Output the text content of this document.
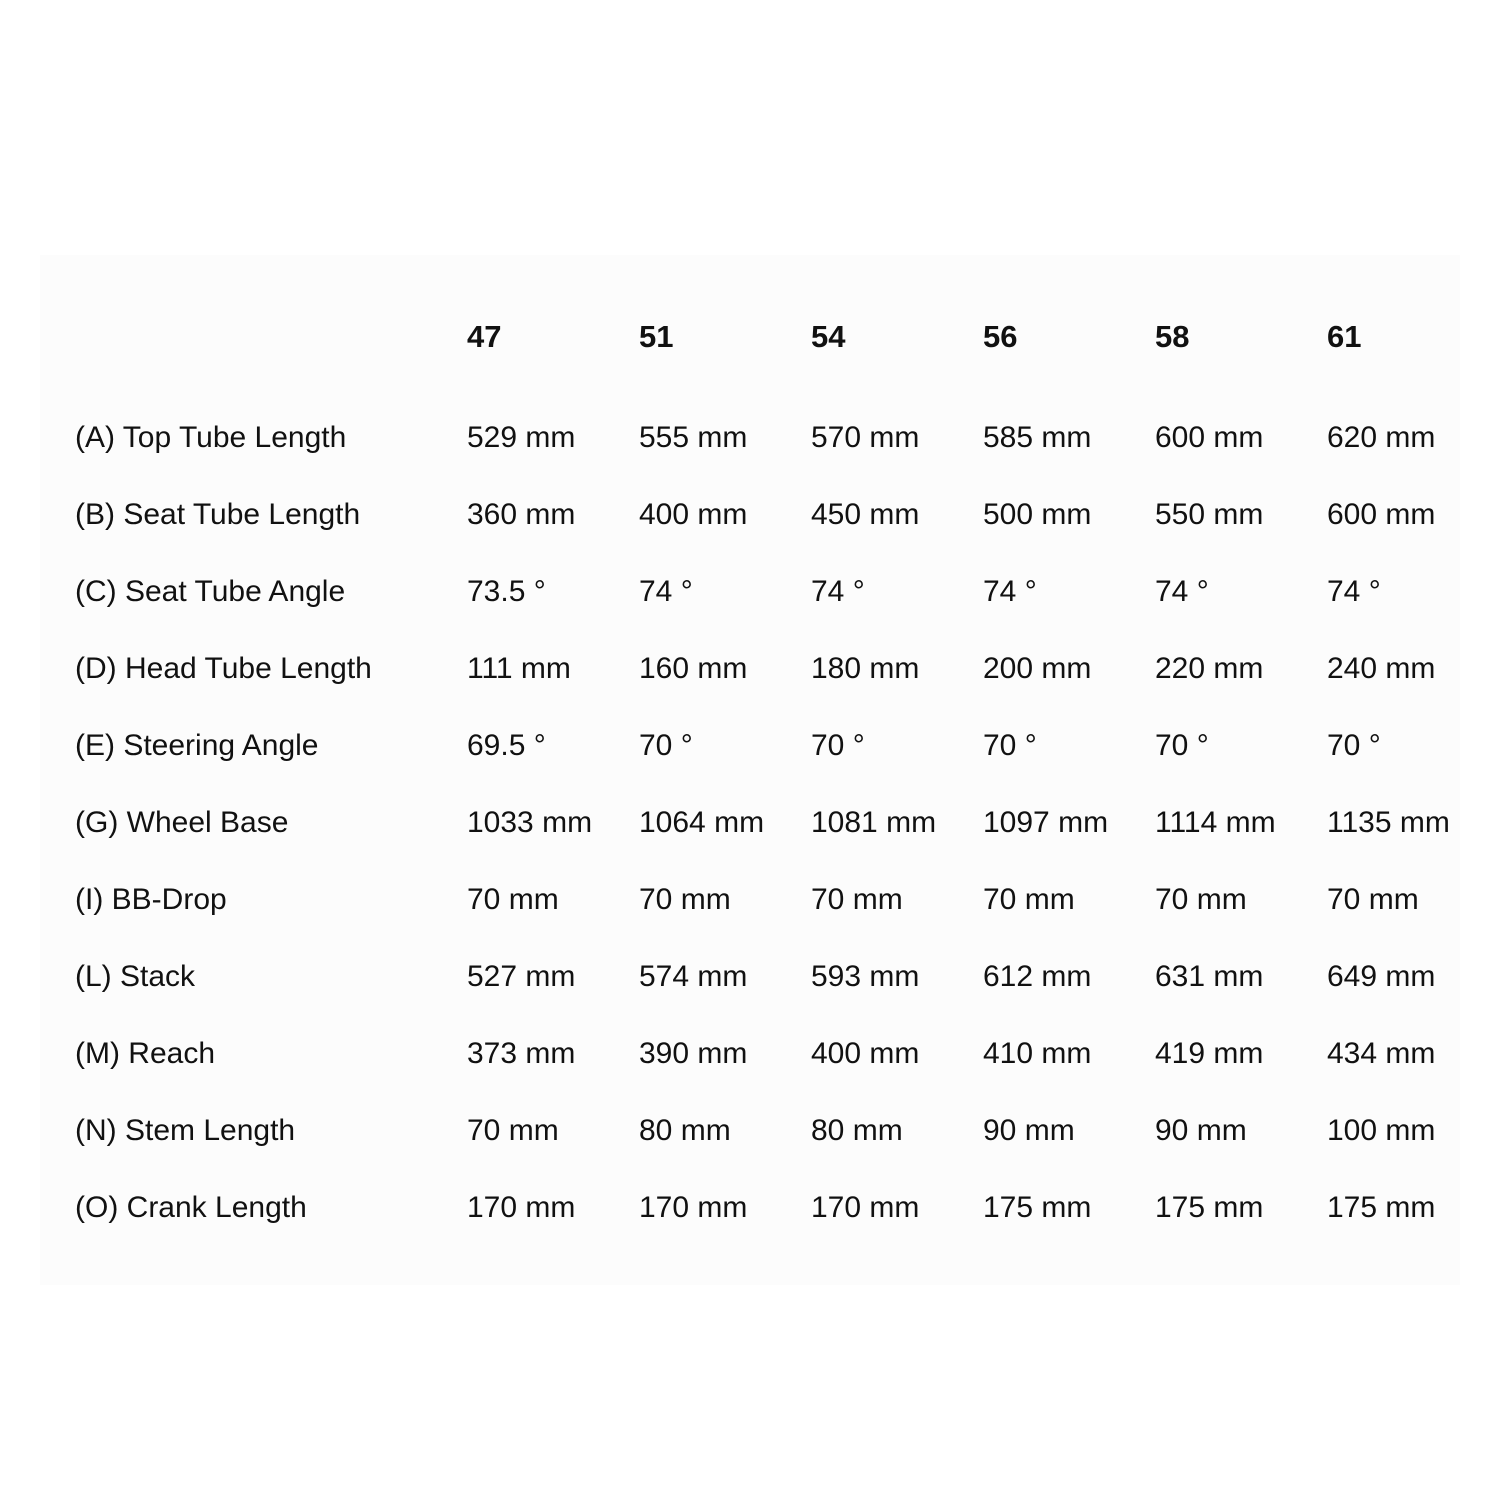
	47	51	54	56	58	61
(A) Top Tube Length	529 mm	555 mm	570 mm	585 mm	600 mm	620 mm
(B) Seat Tube Length	360 mm	400 mm	450 mm	500 mm	550 mm	600 mm
(C) Seat Tube Angle	73.5 °	74 °	74 °	74 °	74 °	74 °
(D) Head Tube Length	111 mm	160 mm	180 mm	200 mm	220 mm	240 mm
(E) Steering Angle	69.5 °	70 °	70 °	70 °	70 °	70 °
(G) Wheel Base	1033 mm	1064 mm	1081 mm	1097 mm	1114 mm	1135 mm
(I) BB-Drop	70 mm	70 mm	70 mm	70 mm	70 mm	70 mm
(L) Stack	527 mm	574 mm	593 mm	612 mm	631 mm	649 mm
(M) Reach	373 mm	390 mm	400 mm	410 mm	419 mm	434 mm
(N) Stem Length	70 mm	80 mm	80 mm	90 mm	90 mm	100 mm
(O) Crank Length	170 mm	170 mm	170 mm	175 mm	175 mm	175 mm
